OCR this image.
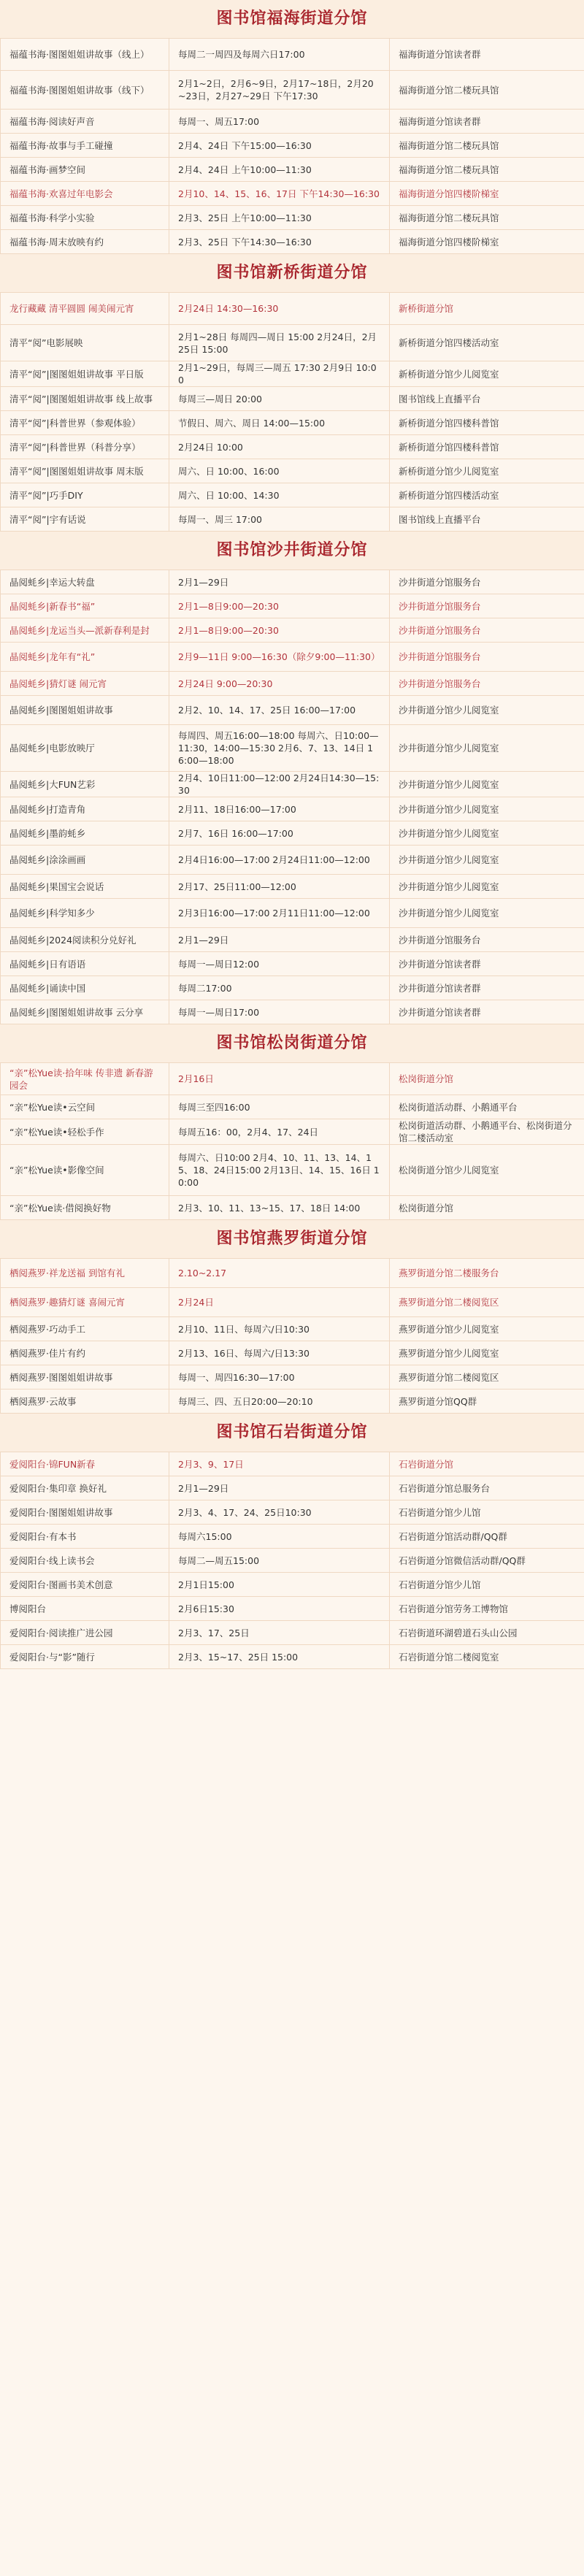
图书馆福海街道分馆
福蕴书海·图图姐姐讲故事（线上）	每周二一周四及每周六日17:00	福海街道分馆读者群
福蕴书海·图图姐姐讲故事（线下）	2月1~2日，2月6~9日，2月17~18日，2月20~23日，2月27~29日 下午17:30	福海街道分馆二楼玩具馆
福蕴书海·阅读好声音	每周一、周五17:00	福海街道分馆读者群
福蕴书海·故事与手工碰撞	2月4、24日 下午15:00—16:30	福海街道分馆二楼玩具馆
福蕴书海·画梦空间	2月4、24日 上午10:00—11:30	福海街道分馆二楼玩具馆
福蕴书海·欢喜过年电影会	2月10、14、15、16、17日 下午14:30—16:30	福海街道分馆四楼阶梯室
福蕴书海·科学小实验	2月3、25日 上午10:00—11:30	福海街道分馆二楼玩具馆
福蕴书海·周末放映有约	2月3、25日 下午14:30—16:30	福海街道分馆四楼阶梯室
图书馆新桥街道分馆
龙行藏藏 清平圆圆 闹美闹元宵	2月24日 14:30—16:30	新桥街道分馆
清平“阅”电影展映	2月1~28日 每周四—周日 15:00 2月24日，2月25日 15:00	新桥街道分馆四楼活动室
清平“阅”|图图姐姐讲故事 平日版	2月1~29日，每周三—周五 17:30 2月9日 10:00	新桥街道分馆少儿阅览室
清平“阅”|图图姐姐讲故事 线上故事	每周三—周日 20:00	图书馆线上直播平台
清平“阅”|科普世界（参观体验）	节假日、周六、周日 14:00—15:00	新桥街道分馆四楼科普馆
清平“阅”|科普世界（科普分享）	2月24日 10:00	新桥街道分馆四楼科普馆
清平“阅”|图图姐姐讲故事 周末版	周六、日 10:00、16:00	新桥街道分馆少儿阅览室
清平“阅”|巧手DIY	周六、日 10:00、14:30	新桥街道分馆四楼活动室
清平“阅”|宇有话说	每周一、周三 17:00	图书馆线上直播平台
图书馆沙井街道分馆
晶阅蚝乡|幸运大转盘	2月1—29日	沙井街道分馆服务台
晶阅蚝乡|新春书“福”	2月1—8日9:00—20:30	沙井街道分馆服务台
晶阅蚝乡|龙运当头—派新春利是封	2月1—8日9:00—20:30	沙井街道分馆服务台
晶阅蚝乡|龙年有“礼”	2月9—11日 9:00—16:30（除夕9:00—11:30）	沙井街道分馆服务台
晶阅蚝乡|猜灯谜 闹元宵	2月24日 9:00—20:30	沙井街道分馆服务台
晶阅蚝乡|图图姐姐讲故事	2月2、10、14、17、25日 16:00—17:00	沙井街道分馆少儿阅览室
晶阅蚝乡|电影放映厅	每周四、周五16:00—18:00 每周六、日10:00—11:30，14:00—15:30 2月6、7、13、14日 16:00—18:00	沙井街道分馆少儿阅览室
晶阅蚝乡|大FUN艺彩	2月4、10日11:00—12:00 2月24日14:30—15:30	沙井街道分馆少儿阅览室
晶阅蚝乡|打造青角	2月11、18日16:00—17:00	沙井街道分馆少儿阅览室
晶阅蚝乡|墨韵蚝乡	2月7、16日 16:00—17:00	沙井街道分馆少儿阅览室
晶阅蚝乡|涂涂画画	2月4日16:00—17:00 2月24日11:00—12:00	沙井街道分馆少儿阅览室
晶阅蚝乡|果国宝会说话	2月17、25日11:00—12:00	沙井街道分馆少儿阅览室
晶阅蚝乡|科学知多少	2月3日16:00—17:00 2月11日11:00—12:00	沙井街道分馆少儿阅览室
晶阅蚝乡|2024阅读积分兑好礼	2月1—29日	沙井街道分馆服务台
晶阅蚝乡|日有语语	每周一—周日12:00	沙井街道分馆读者群
晶阅蚝乡|诵读中国	每周二17:00	沙井街道分馆读者群
晶阅蚝乡|图图姐姐讲故事 云分享	每周一—周日17:00	沙井街道分馆读者群
图书馆松岗街道分馆
“亲”松Yue读·拾年味 传非遗 新春游园会	2月16日	松岗街道分馆
“亲”松Yue读•云空间	每周三至四16:00	松岗街道活动群、小鹅通平台
“亲”松Yue读•轻松手作	每周五16：00，2月4、17、24日	松岗街道活动群、小鹅通平台、松岗街道分馆二楼活动室
“亲”松Yue读•影像空间	每周六、日10:00 2月4、10、11、13、14、15、18、24日15:00 2月13日、14、15、16日 10:00	松岗街道分馆少儿阅览室
“亲”松Yue读·借阅换好物	2月3、10、11、13~15、17、18日 14:00	松岗街道分馆
图书馆燕罗街道分馆
栖阅燕罗·祥龙送福 到馆有礼	2.10~2.17	燕罗街道分馆二楼服务台
栖阅燕罗·趣猜灯谜 喜闹元宵	2月24日	燕罗街道分馆二楼阅览区
栖阅燕罗·巧动手工	2月10、11日、每周六/日10:30	燕罗街道分馆少儿阅览室
栖阅燕罗·佳片有约	2月13、16日、每周六/日13:30	燕罗街道分馆少儿阅览室
栖阅燕罗·图图姐姐讲故事	每周一、周四16:30—17:00	燕罗街道分馆二楼阅览区
栖阅燕罗·云故事	每周三、四、五日20:00—20:10	燕罗街道分馆QQ群
图书馆石岩街道分馆
爱阅阳台·锦FUN新春	2月3、9、17日	石岩街道分馆
爱阅阳台·集印章 换好礼	2月1—29日	石岩街道分馆总服务台
爱阅阳台·图图姐姐讲故事	2月3、4、17、24、25日10:30	石岩街道分馆少儿馆
爱阅阳台·有本书	每周六15:00	石岩街道分馆活动群/QQ群
爱阅阳台·线上读书会	每周二—周五15:00	石岩街道分馆微信活动群/QQ群
爱阅阳台·图画书美术创意	2月1日15:00	石岩街道分馆少儿馆
博阅阳台	2月6日15:30	石岩街道分馆劳务工博物馆
爱阅阳台·阅读推广进公园	2月3、17、25日	石岩街道环湖碧道石头山公园
爱阅阳台·与“影”随行	2月3、15~17、25日 15:00	石岩街道分馆二楼阅览室
